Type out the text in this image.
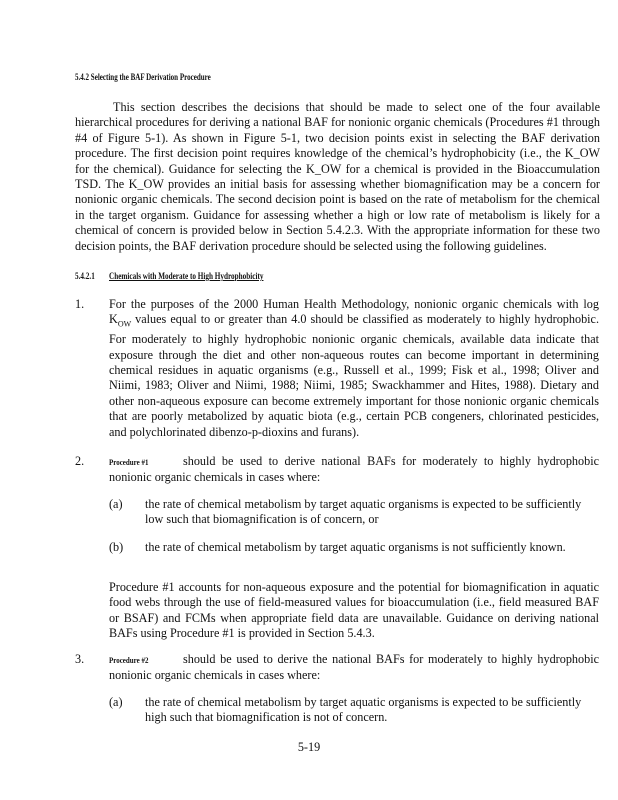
5.4.2 Selecting the BAF Derivation Procedure

This section describes the decisions that should be made to select one of the four available hierarchical procedures for deriving a national BAF for nonionic organic chemicals (Procedures #1 through #4 of Figure 5-1). As shown in Figure 5-1, two decision points exist in selecting the BAF derivation procedure. The first decision point requires knowledge of the chemical’s hydrophobicity (i.e., the K_OW for the chemical). Guidance for selecting the K_OW for a chemical is provided in the Bioaccumulation TSD. The K_OW provides an initial basis for assessing whether biomagnification may be a concern for nonionic organic chemicals. The second decision point is based on the rate of metabolism for the chemical in the target organism. Guidance for assessing whether a high or low rate of metabolism is likely for a chemical of concern is provided below in Section 5.4.2.3. With the appropriate information for these two decision points, the BAF derivation procedure should be selected using the following guidelines.

5.4.2.1 Chemicals with Moderate to High Hydrophobicity
1. For the purposes of the 2000 Human Health Methodology, nonionic organic chemicals with $\log K_{OW}$ values equal to or greater than 4.0 should be classified as moderately to highly hydrophobic. For moderately to highly hydrophobic nonionic organic chemicals, available data indicate that exposure through the diet and other non-aqueous routes can become important in determining chemical residues in aquatic organisms (e.g., Russell et al., 1999; Fisk et al., 1998; Oliver and Niimi, 1983; Oliver and Niimi, 1988; Niimi, 1985; Swackhammer and Hites, 1988). Dietary and other non-aqueous exposure can become extremely important for those nonionic organic chemicals that are poorly metabolized by aquatic biota (e.g., certain PCB congeners, chlorinated pesticides, and polychlorinated dibenzo-p-dioxins and furans).

2.	Procedure #1	should be used to derive national BAFs for moderately to highly hydrophobic nonionic organic chemicals in cases where:

(a) the rate of chemical metabolism by target aquatic organisms is expected to be sufficiently low such that biomagnification is of concern, or

(b) the rate of chemical metabolism by target aquatic organisms is not sufficiently known.

Procedure #1 accounts for non-aqueous exposure and the potential for biomagnification in aquatic food webs through the use of field-measured values for bioaccumulation (i.e., field measured BAF or BSAF) and FCMs when appropriate field data are unavailable. Guidance on deriving national BAFs using Procedure #1 is provided in Section 5.4.3.

3.	Procedure #2	should be used to derive the national BAFs for moderately to highly hydrophobic nonionic organic chemicals in cases where:

(a) the rate of chemical metabolism by target aquatic organisms is expected to be sufficiently high such that biomagnification is not of concern.

5-19
